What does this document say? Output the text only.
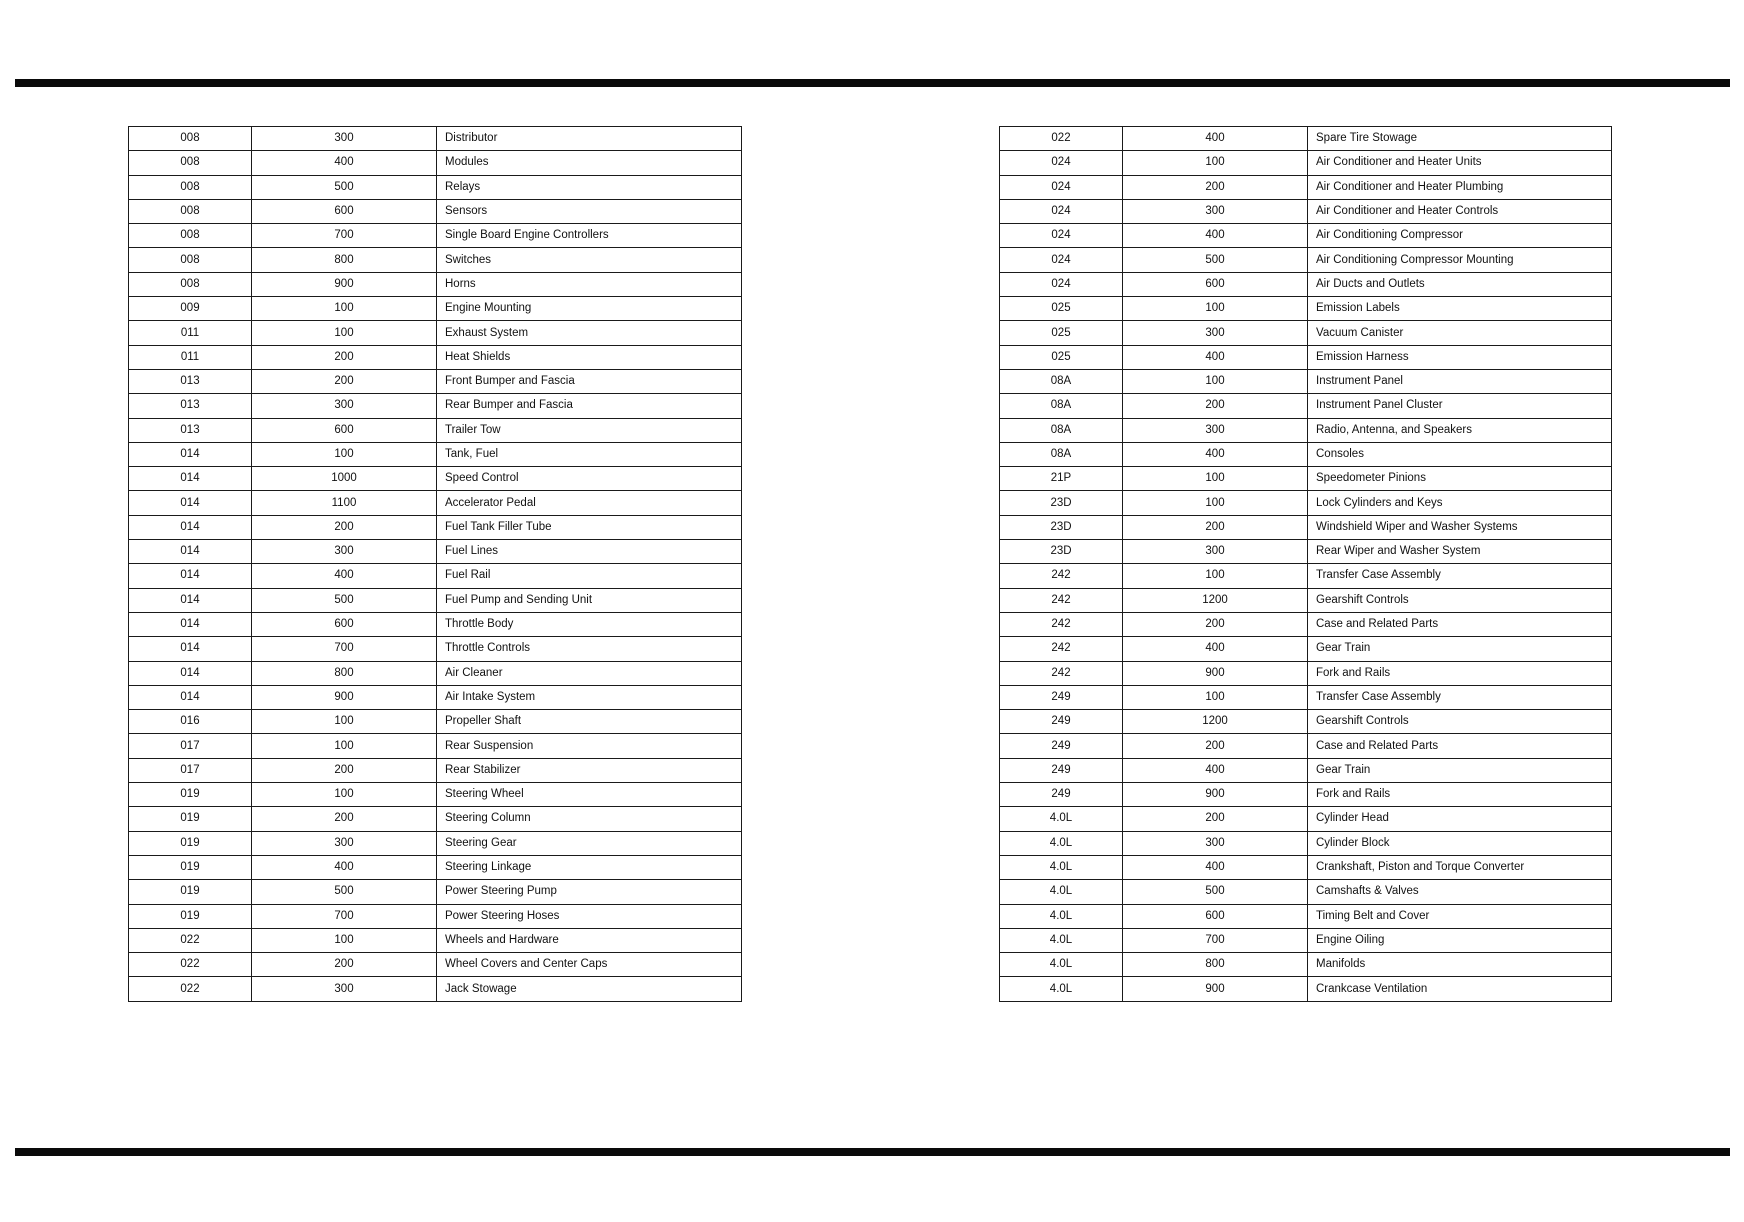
008	300	Distributor
008	400	Modules
008	500	Relays
008	600	Sensors
008	700	Single Board Engine Controllers
008	800	Switches
008	900	Horns
009	100	Engine Mounting
011	100	Exhaust System
011	200	Heat Shields
013	200	Front Bumper and Fascia
013	300	Rear Bumper and Fascia
013	600	Trailer Tow
014	100	Tank, Fuel
014	1000	Speed Control
014	1100	Accelerator Pedal
014	200	Fuel Tank Filler Tube
014	300	Fuel Lines
014	400	Fuel Rail
014	500	Fuel Pump and Sending Unit
014	600	Throttle Body
014	700	Throttle Controls
014	800	Air Cleaner
014	900	Air Intake System
016	100	Propeller Shaft
017	100	Rear Suspension
017	200	Rear Stabilizer
019	100	Steering Wheel
019	200	Steering Column
019	300	Steering Gear
019	400	Steering Linkage
019	500	Power Steering Pump
019	700	Power Steering Hoses
022	100	Wheels and Hardware
022	200	Wheel Covers and Center Caps
022	300	Jack Stowage
022	400	Spare Tire Stowage
024	100	Air Conditioner and Heater Units
024	200	Air Conditioner and Heater Plumbing
024	300	Air Conditioner and Heater Controls
024	400	Air Conditioning Compressor
024	500	Air Conditioning Compressor Mounting
024	600	Air Ducts and Outlets
025	100	Emission Labels
025	300	Vacuum Canister
025	400	Emission Harness
08A	100	Instrument Panel
08A	200	Instrument Panel Cluster
08A	300	Radio, Antenna, and Speakers
08A	400	Consoles
21P	100	Speedometer Pinions
23D	100	Lock Cylinders and Keys
23D	200	Windshield Wiper and Washer Systems
23D	300	Rear Wiper and Washer System
242	100	Transfer Case Assembly
242	1200	Gearshift Controls
242	200	Case and Related Parts
242	400	Gear Train
242	900	Fork and Rails
249	100	Transfer Case Assembly
249	1200	Gearshift Controls
249	200	Case and Related Parts
249	400	Gear Train
249	900	Fork and Rails
4.0L	200	Cylinder Head
4.0L	300	Cylinder Block
4.0L	400	Crankshaft, Piston and Torque Converter
4.0L	500	Camshafts & Valves
4.0L	600	Timing Belt and Cover
4.0L	700	Engine Oiling
4.0L	800	Manifolds
4.0L	900	Crankcase Ventilation
